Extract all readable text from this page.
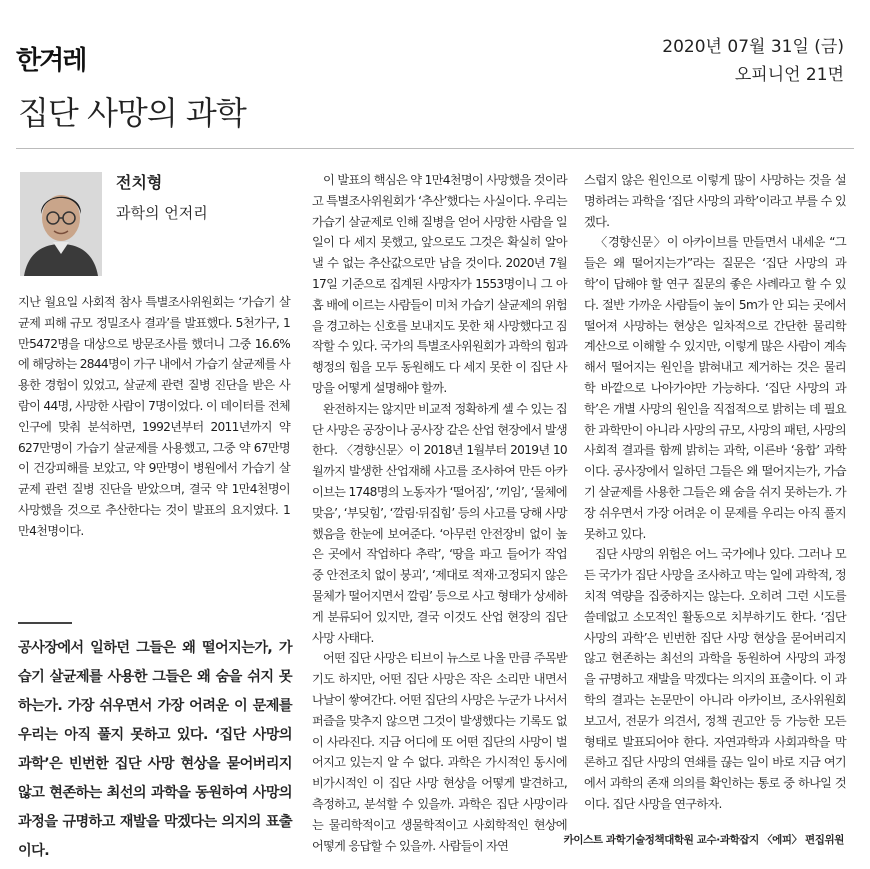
한겨레
집단 사망의 과학
2020년 07월 31일 (금)
오피니언 21면
전치형
과학의 언저리

지난 월요일 사회적 참사 특별조사위원회는 ‘가습기 살균제 피해 규모 정밀조사 결과’를 발표했다. 5천가구, 1만5472명을 대상으로 방문조사를 했더니 그중 16.6%에 해당하는 2844명이 가구 내에서 가습기 살균제를 사용한 경험이 있었고, 살균제 관련 질병 진단을 받은 사람이 44명, 사망한 사람이 7명이었다. 이 데이터를 전체 인구에 맞춰 분석하면, 1992년부터 2011년까지 약 627만명이 가습기 살균제를 사용했고, 그중 약 67만명이 건강피해를 보았고, 약 9만명이 병원에서 가습기 살균제 관련 질병 진단을 받았으며, 결국 약 1만4천명이 사망했을 것으로 추산한다는 것이 발표의 요지였다. 1만4천명이다.

공사장에서 일하던 그들은 왜 떨어지는가, 가습기 살균제를 사용한 그들은 왜 숨을 쉬지 못하는가. 가장 쉬우면서 가장 어려운 이 문제를 우리는 아직 풀지 못하고 있다. ‘집단 사망의 과학’은 빈번한 집단 사망 현상을 묻어버리지 않고 현존하는 최선의 과학을 동원하여 사망의 과정을 규명하고 재발을 막겠다는 의지의 표출이다.

이 발표의 핵심은 약 1만4천명이 사망했을 것이라고 특별조사위원회가 ‘추산’했다는 사실이다. 우리는 가습기 살균제로 인해 질병을 얻어 사망한 사람을 일일이 다 세지 못했고, 앞으로도 그것은 확실히 알아낼 수 없는 추산값으로만 남을 것이다. 2020년 7월17일 기준으로 집계된 사망자가 1553명이니 그 아홉 배에 이르는 사람들이 미처 가습기 살균제의 위험을 경고하는 신호를 보내지도 못한 채 사망했다고 짐작할 수 있다. 국가의 특별조사위원회가 과학의 힘과 행정의 힘을 모두 동원해도 다 세지 못한 이 집단 사망을 어떻게 설명해야 할까.

완전하지는 않지만 비교적 정확하게 셀 수 있는 집단 사망은 공장이나 공사장 같은 산업 현장에서 발생한다. 〈경향신문〉이 2018년 1월부터 2019년 10월까지 발생한 산업재해 사고를 조사하여 만든 아카이브는 1748명의 노동자가 ‘떨어짐’, ‘끼임’, ‘물체에 맞음’, ‘부딪힘’, ‘깔림·뒤집힘’ 등의 사고를 당해 사망했음을 한눈에 보여준다. ‘아무런 안전장비 없이 높은 곳에서 작업하다 추락’, ‘땅을 파고 들어가 작업 중 안전조치 없이 붕괴’, ‘제대로 적재·고정되지 않은 물체가 떨어지면서 깔림’ 등으로 사고 형태가 상세하게 분류되어 있지만, 결국 이것도 산업 현장의 집단 사망 사태다.

어떤 집단 사망은 티브이 뉴스로 나올 만큼 주목받기도 하지만, 어떤 집단 사망은 작은 소리만 내면서 나날이 쌓여간다. 어떤 집단의 사망은 누군가 나서서 퍼즐을 맞추지 않으면 그것이 발생했다는 기록도 없이 사라진다. 지금 어디에 또 어떤 집단의 사망이 벌어지고 있는지 알 수 없다. 과학은 가시적인 동시에 비가시적인 이 집단 사망 현상을 어떻게 발견하고, 측정하고, 분석할 수 있을까. 과학은 집단 사망이라는 물리학적이고 생물학적이고 사회학적인 현상에 어떻게 응답할 수 있을까. 사람들이 자연

스럽지 않은 원인으로 이렇게 많이 사망하는 것을 설명하려는 과학을 ‘집단 사망의 과학’이라고 부를 수 있겠다.

〈경향신문〉이 아카이브를 만들면서 내세운 “그들은 왜 떨어지는가”라는 질문은 ‘집단 사망의 과학’이 답해야 할 연구 질문의 좋은 사례라고 할 수 있다. 절반 가까운 사람들이 높이 5m가 안 되는 곳에서 떨어져 사망하는 현상은 일차적으로 간단한 물리학 계산으로 이해할 수 있지만, 이렇게 많은 사람이 계속해서 떨어지는 원인을 밝혀내고 제거하는 것은 물리학 바깥으로 나아가야만 가능하다. ‘집단 사망의 과학’은 개별 사망의 원인을 직접적으로 밝히는 데 필요한 과학만이 아니라 사망의 규모, 사망의 패턴, 사망의 사회적 결과를 함께 밝히는 과학, 이른바 ‘융합’ 과학이다. 공사장에서 일하던 그들은 왜 떨어지는가, 가습기 살균제를 사용한 그들은 왜 숨을 쉬지 못하는가. 가장 쉬우면서 가장 어려운 이 문제를 우리는 아직 풀지 못하고 있다.

집단 사망의 위험은 어느 국가에나 있다. 그러나 모든 국가가 집단 사망을 조사하고 막는 일에 과학적, 정치적 역량을 집중하지는 않는다. 오히려 그런 시도를 쓸데없고 소모적인 활동으로 치부하기도 한다. ‘집단 사망의 과학’은 빈번한 집단 사망 현상을 묻어버리지 않고 현존하는 최선의 과학을 동원하여 사망의 과정을 규명하고 재발을 막겠다는 의지의 표출이다. 이 과학의 결과는 논문만이 아니라 아카이브, 조사위원회 보고서, 전문가 의견서, 정책 권고안 등 가능한 모든 형태로 발표되어야 한다. 자연과학과 사회과학을 막론하고 집단 사망의 연쇄를 끊는 일이 바로 지금 여기에서 과학의 존재 의의를 확인하는 통로 중 하나일 것이다. 집단 사망을 연구하자.

카이스트 과학기술정책대학원 교수·과학잡지 〈에피〉 편집위원
